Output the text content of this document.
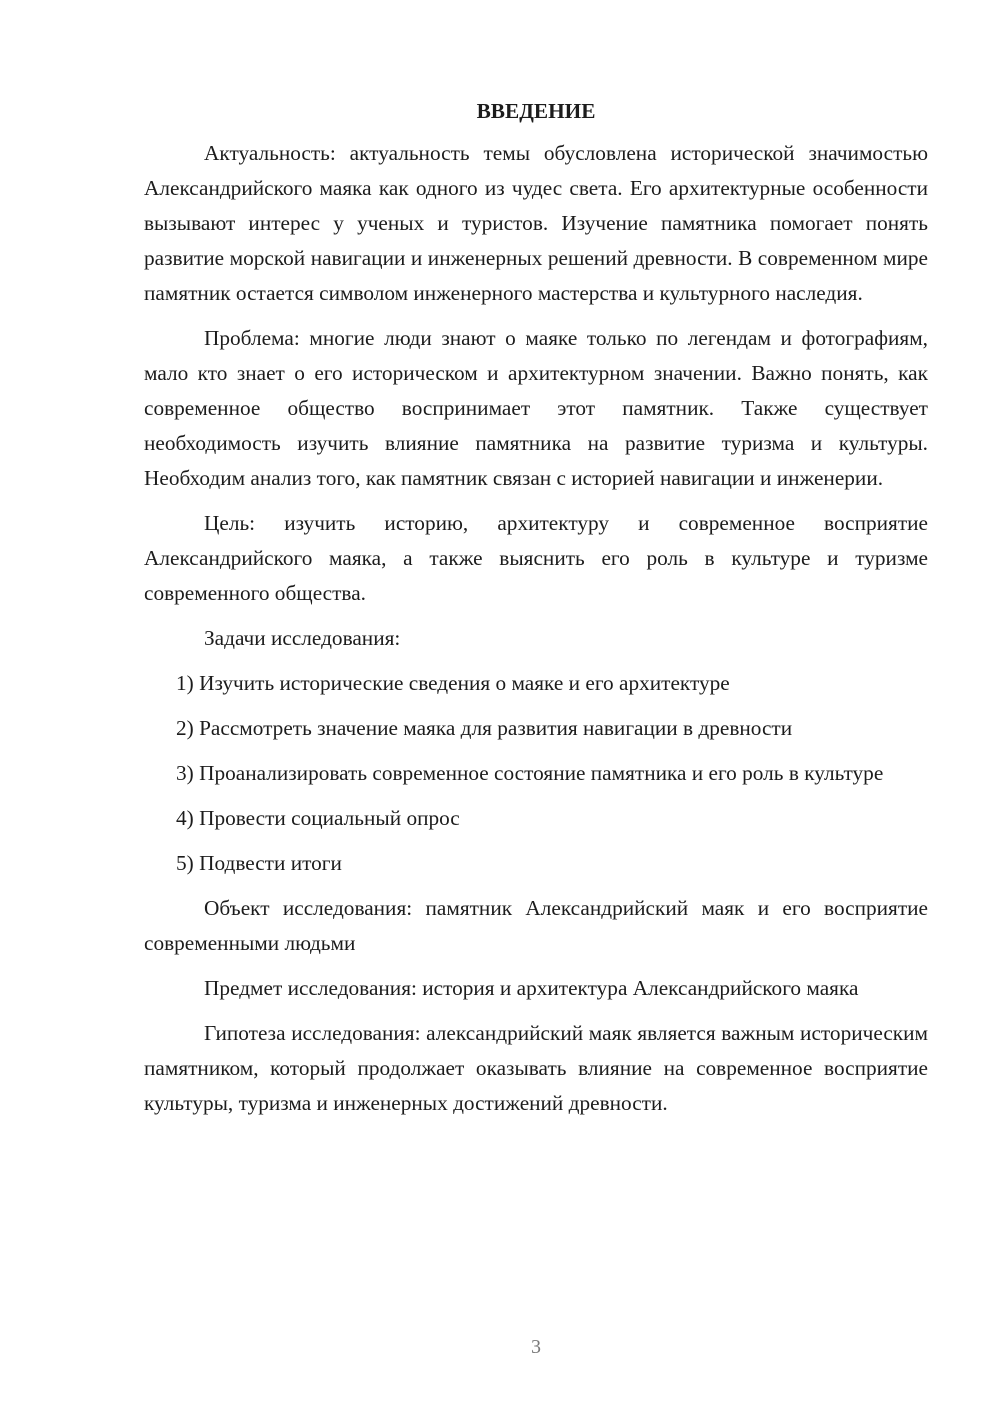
ВВЕДЕНИЕ

Актуальность: актуальность темы обусловлена исторической значимостью Александрийского маяка как одного из чудес света. Его архитектурные особенности вызывают интерес у ученых и туристов. Изучение памятника помогает понять развитие морской навигации и инженерных решений древности. В современном мире памятник остается символом инженерного мастерства и культурного наследия.

Проблема: многие люди знают о маяке только по легендам и фотографиям, мало кто знает о его историческом и архитектурном значении. Важно понять, как современное общество воспринимает этот памятник. Также существует необходимость изучить влияние памятника на развитие туризма и культуры. Необходим анализ того, как памятник связан с историей навигации и инженерии.

Цель: изучить историю, архитектуру и современное восприятие Александрийского маяка, а также выяснить его роль в культуре и туризме современного общества.

Задачи исследования:

1) Изучить исторические сведения о маяке и его архитектуре

2) Рассмотреть значение маяка для развития навигации в древности

3) Проанализировать современное состояние памятника и его роль в культуре

4) Провести социальный опрос

5) Подвести итоги

Объект исследования: памятник Александрийский маяк и его восприятие современными людьми

Предмет исследования: история и архитектура Александрийского маяка

Гипотеза исследования: александрийский маяк является важным историческим памятником, который продолжает оказывать влияние на современное восприятие культуры, туризма и инженерных достижений древности.

3
